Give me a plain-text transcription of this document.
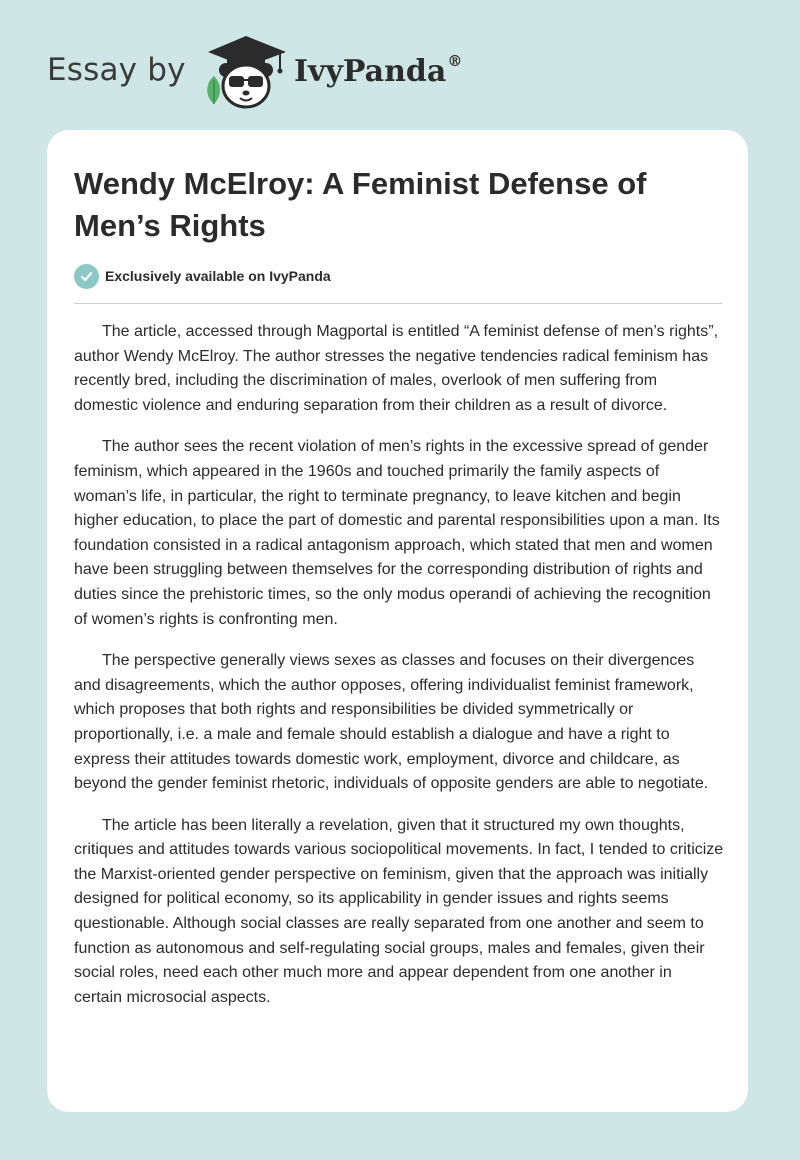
Essay by	IvyPanda®
Wendy McElroy: A Feminist Defense of Men’s Rights
Exclusively available on IvyPanda

The article, accessed through Magportal is entitled “A feminist defense of men’s rights”, author Wendy McElroy. The author stresses the negative tendencies radical feminism has recently bred, including the discrimination of males, overlook of men suffering from domestic violence and enduring separation from their children as a result of divorce.

The author sees the recent violation of men’s rights in the excessive spread of gender feminism, which appeared in the 1960s and touched primarily the family aspects of woman’s life, in particular, the right to terminate pregnancy, to leave kitchen and begin higher education, to place the part of domestic and parental responsibilities upon a man. Its foundation consisted in a radical antagonism approach, which stated that men and women have been struggling between themselves for the corresponding distribution of rights and duties since the prehistoric times, so the only modus operandi of achieving the recognition of women’s rights is confronting men.

The perspective generally views sexes as classes and focuses on their divergences and disagreements, which the author opposes, offering individualist feminist framework, which proposes that both rights and responsibilities be divided symmetrically or proportionally, i.e. a male and female should establish a dialogue and have a right to express their attitudes towards domestic work, employment, divorce and childcare, as beyond the gender feminist rhetoric, individuals of opposite genders are able to negotiate.

The article has been literally a revelation, given that it structured my own thoughts, critiques and attitudes towards various sociopolitical movements. In fact, I tended to criticize the Marxist-oriented gender perspective on feminism, given that the approach was initially designed for political economy, so its applicability in gender issues and rights seems questionable. Although social classes are really separated from one another and seem to function as autonomous and self-regulating social groups, males and females, given their social roles, need each other much more and appear dependent from one another in certain microsocial aspects.
